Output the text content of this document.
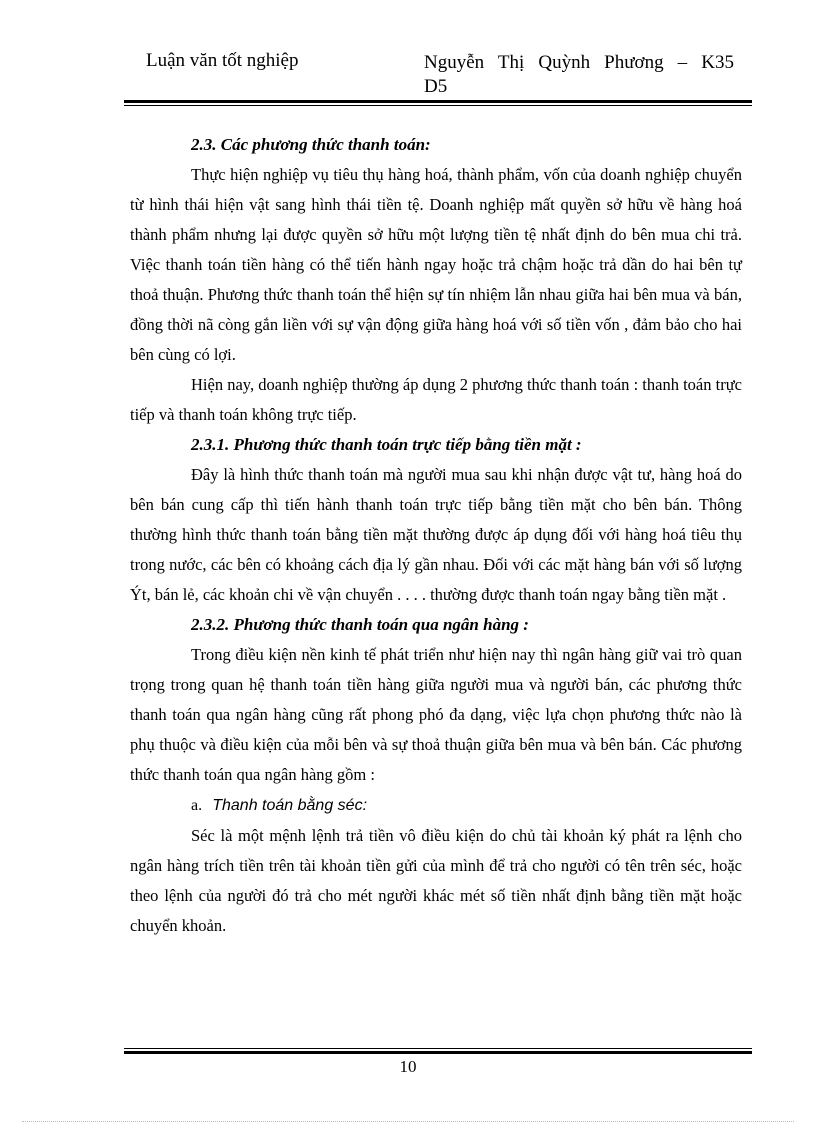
Luận văn tốt nghiệp	Nguyễn Thị Quỳnh Phương – K35
D5

2.3. Các phương thức thanh toán:

Thực hiện nghiệp vụ tiêu thụ hàng hoá, thành phẩm, vốn của doanh nghiệp chuyển từ hình thái hiện vật sang hình thái tiền tệ. Doanh nghiệp mất quyền sở hữu về hàng hoá thành phẩm nhưng lại được quyền sở hữu một lượng tiền tệ nhất định do bên mua chi trả. Việc thanh toán tiền hàng có thể tiến hành ngay hoặc trả chậm hoặc trả dần do hai bên tự thoả thuận. Phương thức thanh toán thể hiện sự tín nhiệm lẫn nhau giữa hai bên mua và bán, đồng thời nã còng gắn liền với sự vận động giữa hàng hoá với số tiền vốn , đảm bảo cho hai bên cùng có lợi.

Hiện nay, doanh nghiệp thường áp dụng 2 phương thức thanh toán : thanh toán trực tiếp và thanh toán không trực tiếp.

2.3.1. Phương thức thanh toán trực tiếp bằng tiền mặt :

Đây là hình thức thanh toán mà người mua sau khi nhận được vật tư, hàng hoá do bên bán cung cấp thì tiến hành thanh toán trực tiếp bằng tiền mặt cho bên bán. Thông thường hình thức thanh toán bằng tiền mặt thường được áp dụng đối với hàng hoá tiêu thụ trong nước, các bên có khoảng cách địa lý gần nhau. Đối với các mặt hàng bán với số lượng Ýt, bán lẻ, các khoản chi về vận chuyển . . . . thường được thanh toán ngay bằng tiền mặt .

2.3.2. Phương thức thanh toán qua ngân hàng :

Trong điều kiện nền kinh tế phát triển như hiện nay thì ngân hàng giữ vai trò quan trọng trong quan hệ thanh toán tiền hàng giữa người mua và người bán, các phương thức thanh toán qua ngân hàng cũng rất phong phó đa dạng, việc lựa chọn phương thức nào là phụ thuộc và điều kiện của mỗi bên và sự thoả thuận giữa bên mua và bên bán. Các phương thức thanh toán qua ngân hàng gồm :

a. Thanh toán bằng séc:

Séc là một mệnh lệnh trả tiền vô điều kiện do chủ tài khoản ký phát ra lệnh cho ngân hàng trích tiền trên tài khoản tiền gửi của mình để trả cho người có tên trên séc, hoặc theo lệnh của người đó trả cho mét người khác mét số tiền nhất định bằng tiền mặt hoặc chuyển khoản.

10
